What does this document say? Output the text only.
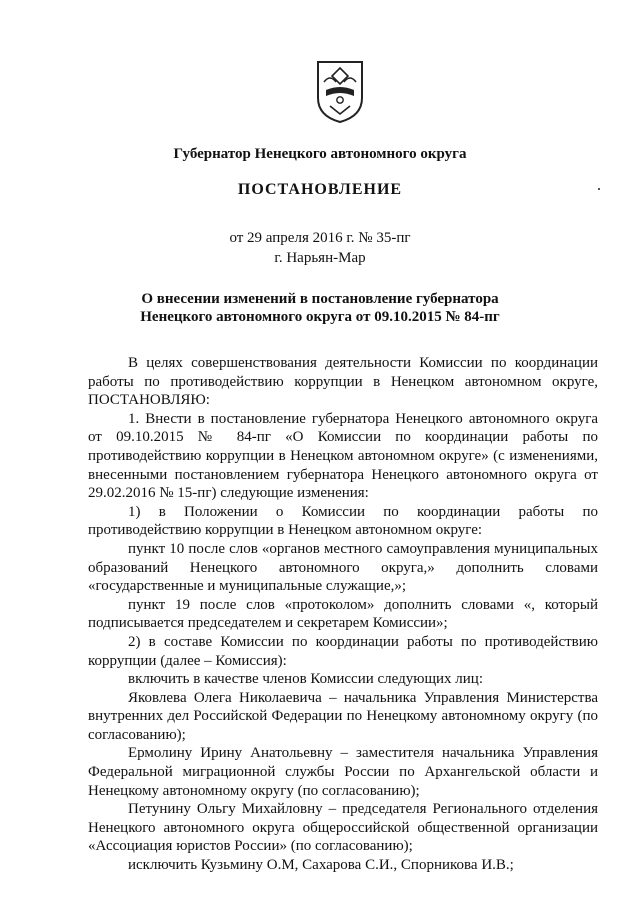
Губернатор Ненецкого автономного округа
ПОСТАНОВЛЕНИЕ
от 29 апреля 2016 г. № 35-пг
г. Нарьян-Мар
О внесении изменений в постановление губернатора
Ненецкого автономного округа от 09.10.2015 № 84-пг

В целях совершенствования деятельности Комиссии по координации работы по противодействию коррупции в Ненецком автономном округе, ПОСТАНОВЛЯЮ:

1. Внести в постановление губернатора Ненецкого автономного округа от 09.10.2015 № 84-пг «О Комиссии по координации работы по противодействию коррупции в Ненецком автономном округе» (с изменениями, внесенными постановлением губернатора Ненецкого автономного округа от 29.02.2016 № 15-пг) следующие изменения:

1) в Положении о Комиссии по координации работы по противодействию коррупции в Ненецком автономном округе:

пункт 10 после слов «органов местного самоуправления муниципальных образований Ненецкого автономного округа,» дополнить словами «государственные и муниципальные служащие,»;

пункт 19 после слов «протоколом» дополнить словами «, который подписывается председателем и секретарем Комиссии»;

2) в составе Комиссии по координации работы по противодействию коррупции (далее – Комиссия):

включить в качестве членов Комиссии следующих лиц:

Яковлева Олега Николаевича – начальника Управления Министерства внутренних дел Российской Федерации по Ненецкому автономному округу (по согласованию);

Ермолину Ирину Анатольевну – заместителя начальника Управления Федеральной миграционной службы России по Архангельской области и Ненецкому автономному округу (по согласованию);

Петунину Ольгу Михайловну – председателя Регионального отделения Ненецкого автономного округа общероссийской общественной организации «Ассоциация юристов России» (по согласованию);

исключить Кузьмину О.М, Сахарова С.И., Спорникова И.В.;
